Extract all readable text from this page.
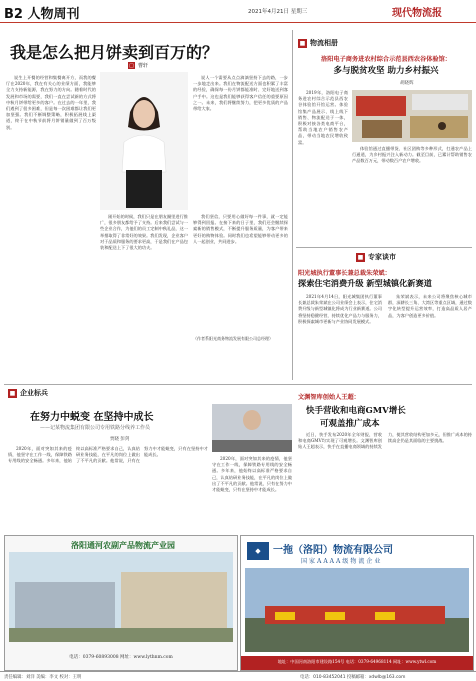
B2 人物周刊	2021年4月21日 星期三	现代物流报
我是怎么把月饼卖到百万的？
□ 曹轩

说生上开餐的经营和集餐离开方，而我的餐厅在2020年，我在有关心的业绩方面，我能够全力支持新能源，我在努力的方向。随着时代的发展和市场的需要，我们一直在尝试新的方式将中秋月饼带给更多的客户。在过去的一年里，我们遇到了很多困难，但是每一次困难都让我们更加坚强。我们不断调整策略，积极拓展线上渠道，终于在中秋节前将月饼销量做到了百万级别。

刚开始的时候，我们只是在朋友圈里进行推广，很多朋友都给予了支持。后来我们尝试与一些企业合作，为他们的员工定制中秋礼品，这一举措取得了非常好的效果。我们发现，企业客户对于品质和服务的要求更高，于是我们在产品包装和配送上下了很大的功夫。

说人一个需要从点点滴滴坚持下去的路，一步一步地走出来。我们在物流配送方面也积累了丰富的经验，确保每一份月饼都能准时、完好地送到客户手中。这也是我们能够获得客户信任的重要原因之一。未来，我们将继续努力，把更多优质的产品带给大家。

我们坚信，只要用心做好每一件事，就一定能够得到回报。在接下来的日子里，我们还会继续探索新的销售模式，不断提升服务质量，为客户带来更好的购物体验。同时我们也希望能够带动更多的人一起创业，共同进步。

（作者系阳光商务物流发展有限公司总经理）
■ 物流相册
洛阳电子商务进农村综合示范县西农谷体验馆：
多与脱贫攻坚 助力乡村振兴
胡晓辉

2019年，洛阳电子商务进农村综合示范县西农谷体验馆开馆运营。体验馆集产品展示、线上线下销售、物流配送于一体，积极对接各类电商平台，帮助当地农户销售农产品，带动当地农民增收致富。

体验馆通过直播带货、社区团购等多种形式，打通农产品上行通道，为乡村振兴注入新动力。截至目前，已累计帮助销售农产品数百万元，带动数百户农户增收。

■ 专家谈市
阳光城执行董事长兼总裁朱荣斌：
探索住宅消费升级 新型城镇化新赛道

2021年4月14日，阳光城集团执行董事长兼总裁朱荣斌在公司业绩会上表示，住宅消费升级与新型城镇化将成为行业新赛道。公司将坚持稳健经营，持续优化产品力与服务力，积极探索城市更新与产业协同发展模式。

朱荣斌表示，未来公司将聚焦核心城市群，深耕长三角、大湾区等重点区域，通过数字化转型提升运营效率，打造高品质人居产品，为客户创造更多价值。

■ 企业标兵
在努力中蜕变 在坚持中成长
——记某物流集团有限公司专用铁路分线养工作员
贾晓 彭剑

2020年，面对突如其来的疫情，他坚守在工作一线，保障铁路专用线的安全畅通。多年来，他始终以高标准严格要求自己，认真钻研业务技能，在平凡的岗位上做出了不平凡的贡献。他常说，只有在努力中才能蜕变，只有在坚持中才能成长。

2020年，面对突如其来的疫情，他坚守在工作一线，保障铁路专用线的安全畅通。多年来，他始终以高标准严格要求自己，认真钻研业务技能，在平凡的岗位上做出了不平凡的贡献。他常说，只有在努力中才能蜕变，只有在坚持中才能成长。

文渊智库创始人王超：
快手营收和电商GMV增长
可观盖推广成本

近日，快手发布2020年全年财报，营收和电商GMV均实现了可观增长。文渊智库创始人王超表示，快手在直播电商领域的持续发力，使其营收结构更加多元，但推广成本的持续高企仍是其面临的主要挑战。

洛阳通河农副产品物流产业园
电话：0379-60893008 网址：www.lythnm.com
◆	一拖（洛阳）物流有限公司
国家AAAA级物流企业
地址：中国河南洛阳市建设路154号 电话：0379-64968114 网址：www.ytwl.com
责任编辑：刘洋 美编：李文 校对：王明	电话：010-83452041 投稿邮箱：xdwlb@163.com
